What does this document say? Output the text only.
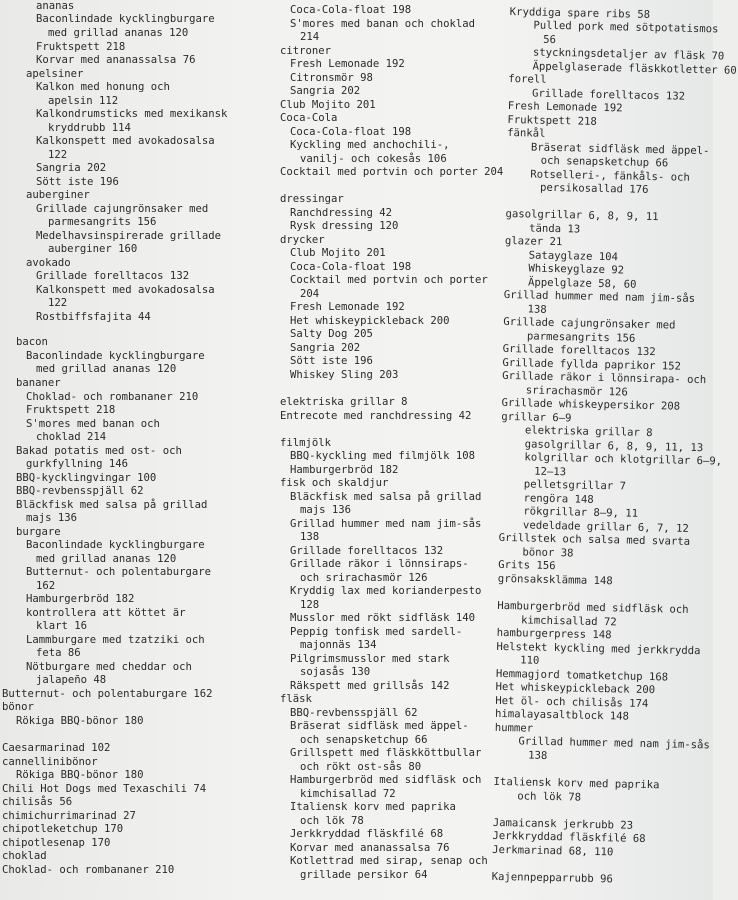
ananas
Baconlindade kycklingburgare
med grillad ananas 120
Fruktspett 218
Korvar med ananassalsa 76
apelsiner
Kalkon med honung och
apelsin 112
Kalkondrumsticks med mexikansk
kryddrubb 114
Kalkonspett med avokadosalsa
122
Sangria 202
Sött iste 196
auberginer
Grillade cajungrönsaker med
parmesangrits 156
Medelhavsinspirerade grillade
auberginer 160
avokado
Grillade forelltacos 132
Kalkonspett med avokadosalsa
122
Rostbiffsfajita 44
bacon
Baconlindade kycklingburgare
med grillad ananas 120
bananer
Choklad- och rombananer 210
Fruktspett 218
S'mores med banan och
choklad 214
Bakad potatis med ost- och
gurkfyllning 146
BBQ-kycklingvingar 100
BBQ-revbensspjäll 62
Bläckfisk med salsa på grillad
majs 136
burgare
Baconlindade kycklingburgare
med grillad ananas 120
Butternut- och polentaburgare
162
Hamburgerbröd 182
kontrollera att köttet är
klart 16
Lammburgare med tzatziki och
feta 86
Nötburgare med cheddar och
jalapeño 48
Butternut- och polentaburgare 162
bönor
Rökiga BBQ-bönor 180
Caesarmarinad 102
cannellinibönor
Rökiga BBQ-bönor 180
Chili Hot Dogs med Texaschili 74
chilisås 56
chimichurrimarinad 27
chipotleketchup 170
chipotlesenap 170
choklad
Choklad- och rombananer 210
Coca-Cola-float 198
S'mores med banan och choklad
214
citroner
Fresh Lemonade 192
Citronsmör 98
Sangria 202
Club Mojito 201
Coca-Cola
Coca-Cola-float 198
Kyckling med anchochili-,
vanilj- och cokesås 106
Cocktail med portvin och porter 204
dressingar
Ranchdressing 42
Rysk dressing 120
drycker
Club Mojito 201
Coca-Cola-float 198
Cocktail med portvin och porter
204
Fresh Lemonade 192
Het whiskeypickleback 200
Salty Dog 205
Sangria 202
Sött iste 196
Whiskey Sling 203
elektriska grillar 8
Entrecote med ranchdressing 42
filmjölk
BBQ-kyckling med filmjölk 108
Hamburgerbröd 182
fisk och skaldjur
Bläckfisk med salsa på grillad
majs 136
Grillad hummer med nam jim-sås
138
Grillade forelltacos 132
Grillade räkor i lönnsiraps-
och srirachasmör 126
Kryddig lax med korianderpesto
128
Musslor med rökt sidfläsk 140
Peppig tonfisk med sardell-
majonnäs 134
Pilgrimsmusslor med stark
sojasås 130
Räkspett med grillsås 142
fläsk
BBQ-revbensspjäll 62
Bräserat sidfläsk med äppel-
och senapsketchup 66
Grillspett med fläskköttbullar
och rökt ost-sås 80
Hamburgerbröd med sidfläsk och
kimchisallad 72
Italiensk korv med paprika
och lök 78
Jerkkryddad fläskfilé 68
Korvar med ananassalsa 76
Kotlettrad med sirap, senap och
grillade persikor 64
Kryddiga spare ribs 58
Pulled pork med sötpotatismos
56
styckningsdetaljer av fläsk 70
Äppelglaserade fläskkotletter 60
forell
Grillade forelltacos 132
Fresh Lemonade 192
Fruktspett 218
fänkål
Bräserat sidfläsk med äppel-
och senapsketchup 66
Rotselleri-, fänkåls- och
persikosallad 176
gasolgrillar 6, 8, 9, 11
tända 13
glazer 21
Satayglaze 104
Whiskeyglaze 92
Äppelglaze 58, 60
Grillad hummer med nam jim-sås
138
Grillade cajungrönsaker med
parmesangrits 156
Grillade forelltacos 132
Grillade fyllda paprikor 152
Grillade räkor i lönnsirapa- och
srirachasmör 126
Grillade whiskeypersikor 208
grillar 6–9
elektriska grillar 8
gasolgrillar 6, 8, 9, 11, 13
kolgrillar och klotgrillar 6–9,
12–13
pelletsgrillar 7
rengöra 148
rökgrillar 8–9, 11
vedeldade grillar 6, 7, 12
Grillstek och salsa med svarta
bönor 38
Grits 156
grönsaksklämma 148
Hamburgerbröd med sidfläsk och
kimchisallad 72
hamburgerpress 148
Helstekt kyckling med jerkkrydda
110
Hemmagjord tomatketchup 168
Het whiskeypickleback 200
Het öl- och chilisås 174
himalayasaltblock 148
hummer
Grillad hummer med nam jim-sås
138
Italiensk korv med paprika
och lök 78
Jamaicansk jerkrubb 23
Jerkkryddad fläskfilé 68
Jerkmarinad 68, 110
Kajennpepparrubb 96
